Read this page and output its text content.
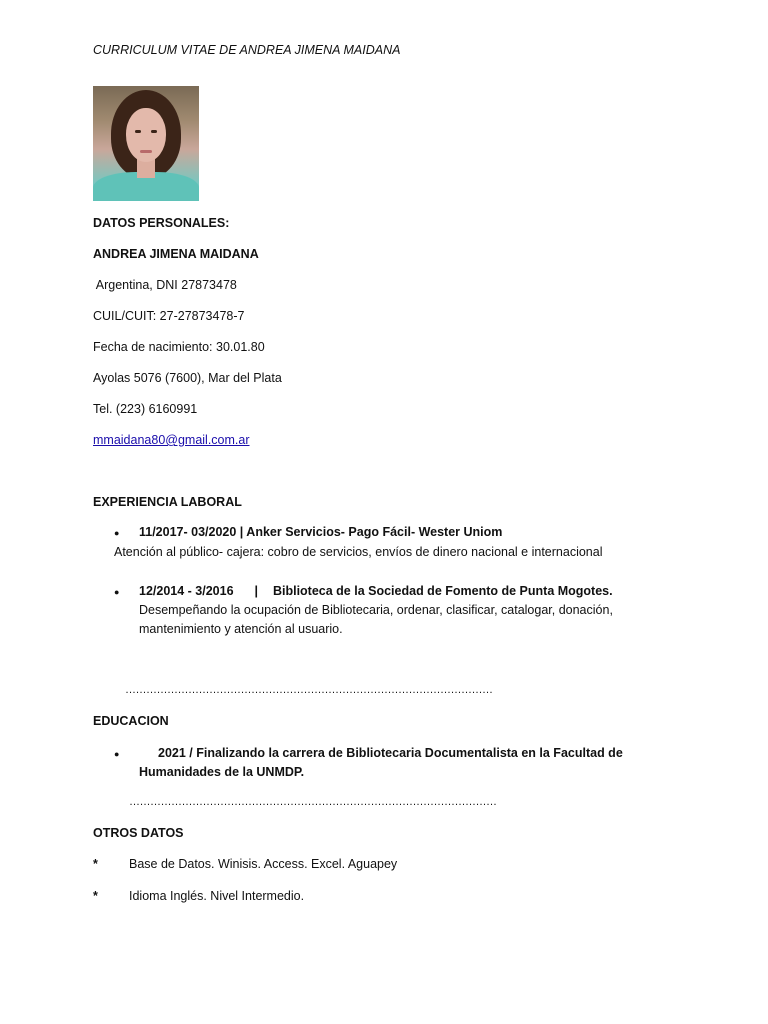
CURRICULUM VITAE DE ANDREA JIMENA MAIDANA
DATOS PERSONALES:
ANDREA JIMENA MAIDANA
Argentina, DNI 27873478
CUIL/CUIT: 27-27873478-7
Fecha de nacimiento: 30.01.80
Ayolas 5076 (7600), Mar del Plata
Tel. (223) 6160991
mmaidana80@gmail.com.ar
EXPERIENCIA LABORAL
● 11/2017- 03/2020 | Anker Servicios- Pago Fácil- Wester Uniom
Atención al público- cajera: cobro de servicios, envíos de dinero nacional e internacional
● 12/2014 - 3/2016 | Biblioteca de la Sociedad de Fomento de Punta Mogotes.
Desempeñando la ocupación de Bibliotecaria, ordenar, clasificar, catalogar, donación,
mantenimiento y atención al usuario.
……………………………………………………………………………………………
EDUCACION
●	2021 / Finalizando la carrera de Bibliotecaria Documentalista en la Facultad de
Humanidades de la UNMDP.
……………………………………………………………………………………………
OTROS DATOS
* Base de Datos. Winisis. Access. Excel. Aguapey
* Idioma Inglés. Nivel Intermedio.
